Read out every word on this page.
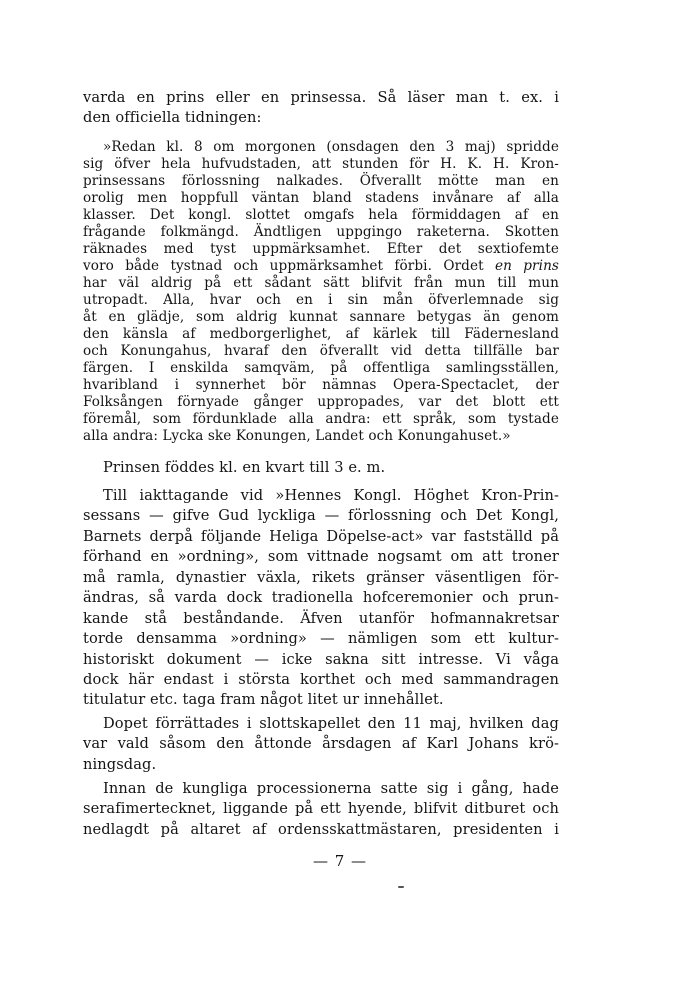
varda en prins eller en prinsessa. Så läser man t. ex. i
den officiella tidningen:
»Redan kl. 8 om morgonen (onsdagen den 3 maj) spridde
sig öfver hela hufvudstaden, att stunden för H. K. H. Kron-
prinsessans förlossning nalkades. Öfverallt mötte man en
orolig men hoppfull väntan bland stadens invånare af alla
klasser. Det kongl. slottet omgafs hela förmiddagen af en
frågande folkmängd. Ändtligen uppgingo raketerna. Skotten
räknades med tyst uppmärksamhet. Efter det sextiofemte
voro både tystnad och uppmärksamhet förbi. Ordet en prins
har väl aldrig på ett sådant sätt blifvit från mun till mun
utropadt. Alla, hvar och en i sin mån öfverlemnade sig
åt en glädje, som aldrig kunnat sannare betygas än genom
den känsla af medborgerlighet, af kärlek till Fädernesland
och Konungahus, hvaraf den öfverallt vid detta tillfälle bar
färgen. I enskilda samqväm, på offentliga samlingsställen,
hvaribland i synnerhet bör nämnas Opera-Spectaclet, der
Folksången förnyade gånger uppropades, var det blott ett
föremål, som fördunklade alla andra: ett språk, som tystade
alla andra: Lycka ske Konungen, Landet och Konungahuset.»
Prinsen föddes kl. en kvart till 3 e. m.
Till iakttagande vid »Hennes Kongl. Höghet Kron-Prin-
sessans — gifve Gud lyckliga — förlossning och Det Kongl,
Barnets derpå följande Heliga Döpelse-act» var fastställd på
förhand en »ordning», som vittnade nogsamt om att troner
må ramla, dynastier växla, rikets gränser väsentligen för-
ändras, så varda dock tradionella hofceremonier och prun-
kande stå beståndande. Äfven utanför hofmannakretsar
torde densamma »ordning» — nämligen som ett kultur-
historiskt dokument — icke sakna sitt intresse. Vi våga
dock här endast i största korthet och med sammandragen
titulatur etc. taga fram något litet ur innehållet.
Dopet förrättades i slottskapellet den 11 maj, hvilken dag
var vald såsom den åttonde årsdagen af Karl Johans krö-
ningsdag.
Innan de kungliga processionerna satte sig i gång, hade
serafimertecknet, liggande på ett hyende, blifvit ditburet och
nedlagdt på altaret af ordensskattmästaren, presidenten i
— 7 —
